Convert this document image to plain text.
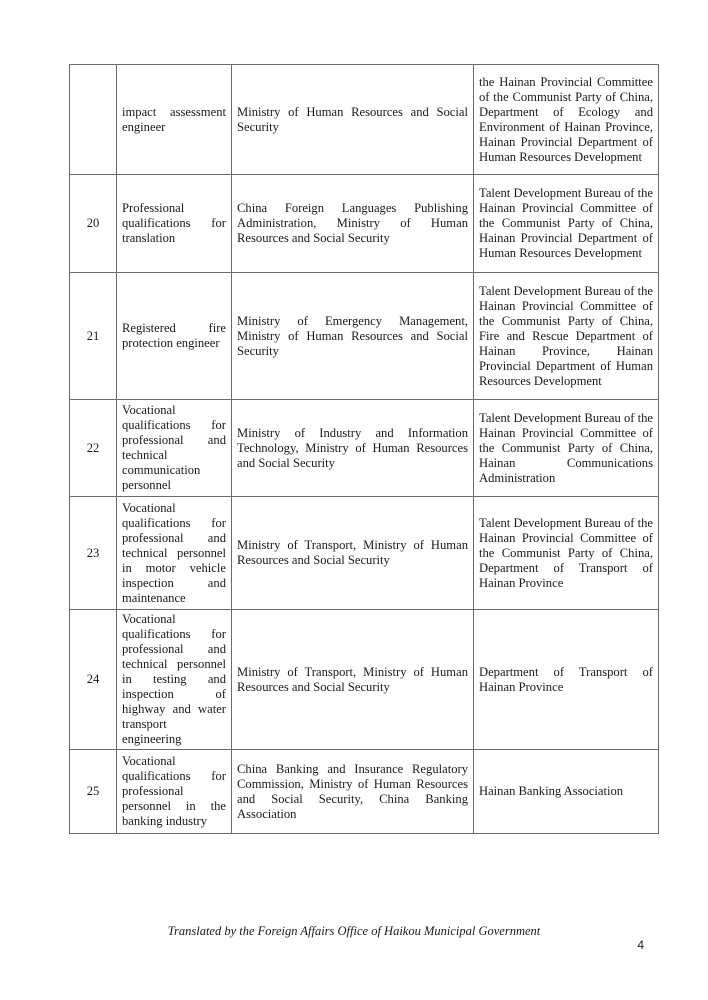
	impact assessment engineer	Ministry of Human Resources and Social Security	the Hainan Provincial Committee of the Communist Party of China, Department of Ecology and Environment of Hainan Province, Hainan Provincial Department of Human Resources Development
20	Professional qualifications for translation	China Foreign Languages Publishing Administration, Ministry of Human Resources and Social Security	Talent Development Bureau of the Hainan Provincial Committee of the Communist Party of China, Hainan Provincial Department of Human Resources Development
21	Registered fire protection engineer	Ministry of Emergency Management, Ministry of Human Resources and Social Security	Talent Development Bureau of the Hainan Provincial Committee of the Communist Party of China, Fire and Rescue Department of Hainan Province, Hainan Provincial Department of Human Resources Development
22	Vocational qualifications for professional and technical communication personnel	Ministry of Industry and Information Technology, Ministry of Human Resources and Social Security	Talent Development Bureau of the Hainan Provincial Committee of the Communist Party of China, Hainan Communications Administration
23	Vocational qualifications for professional and technical personnel in motor vehicle inspection and maintenance	Ministry of Transport, Ministry of Human Resources and Social Security	Talent Development Bureau of the Hainan Provincial Committee of the Communist Party of China, Department of Transport of Hainan Province
24	Vocational qualifications for professional and technical personnel in testing and inspection of highway and water transport engineering	Ministry of Transport, Ministry of Human Resources and Social Security	Department of Transport of Hainan Province
25	Vocational qualifications for professional personnel in the banking industry	China Banking and Insurance Regulatory Commission, Ministry of Human Resources and Social Security, China Banking Association	Hainan Banking Association
Translated by the Foreign Affairs Office of Haikou Municipal Government
4
